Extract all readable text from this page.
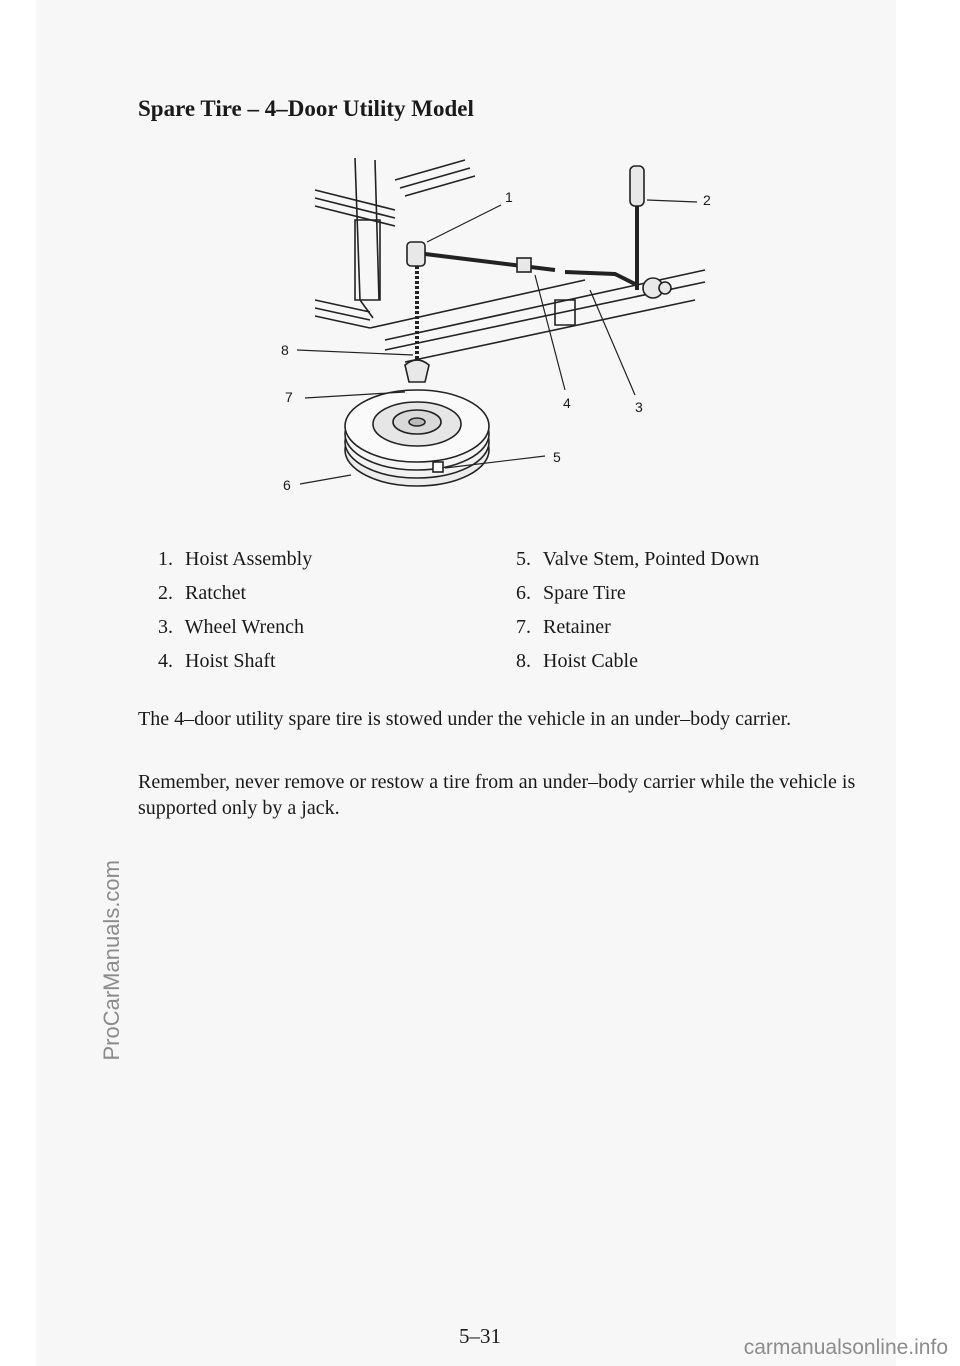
ProCarManuals.com
Spare Tire – 4–Door Utility Model
1	2
3
4
5
6
7
8
1. Hoist Assembly
2. Ratchet
3. Wheel Wrench
4. Hoist Shaft
5. Valve Stem, Pointed Down
6. Spare Tire
7. Retainer
8. Hoist Cable

The 4–door utility spare tire is stowed under the vehicle in an under–body carrier.

Remember, never remove or restow a tire from an under–body carrier while the vehicle is supported only by a jack.

5–31	carmanualsonline.info
